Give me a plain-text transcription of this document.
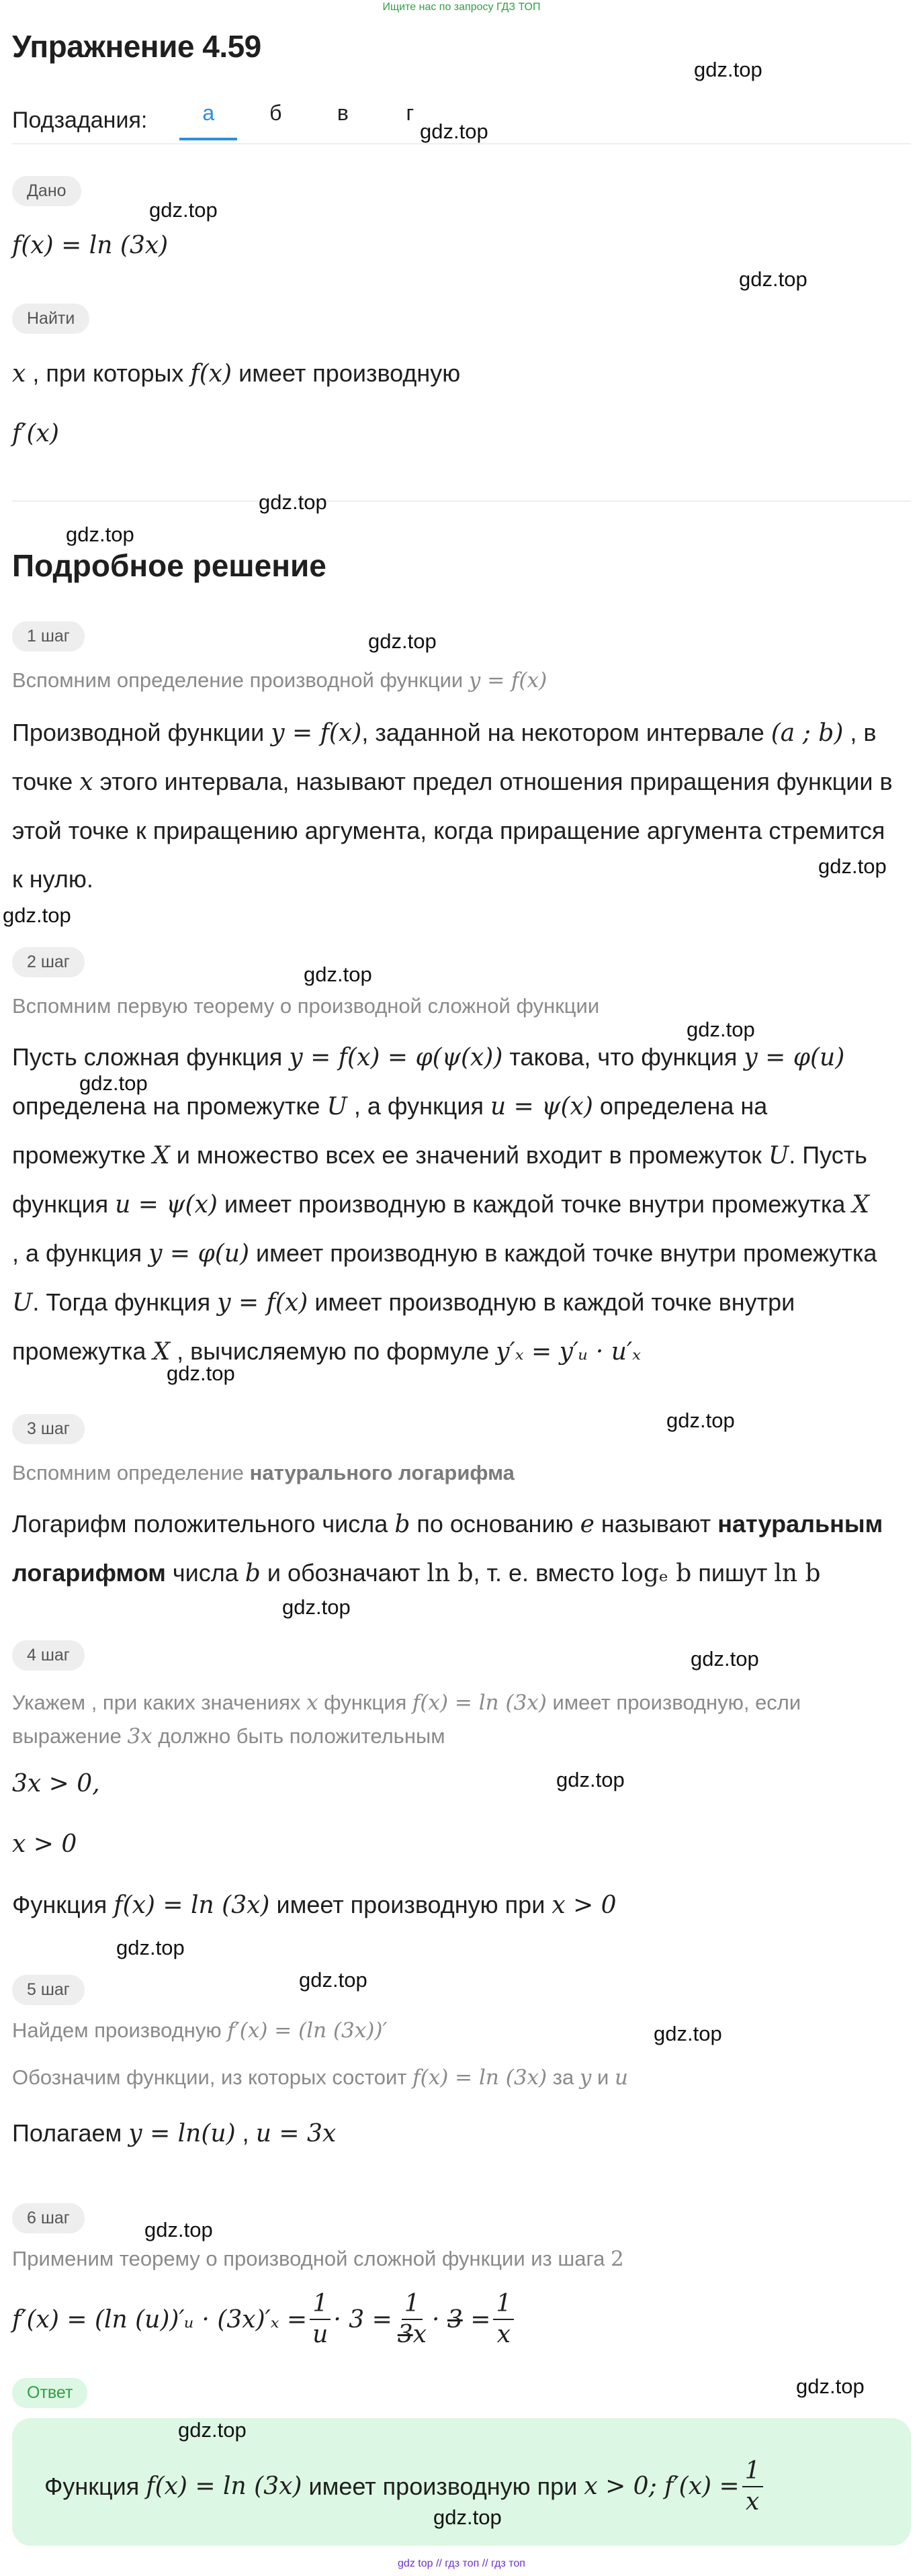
Ищите нас по запросу ГДЗ ТОП
Упражнение 4.59
Подзадания:	а	б	в	г
Дано
f(x) = ln (3x)
Найти
x , при которых f(x) имеет производную
f′(x)
Подробное решение
1 шаг
Вспомним определение производной функции y = f(x)
Производной функции y = f(x), заданной на некотором интервале (a ; b) , в
точке x этого интервала, называют предел отношения приращения функции в
этой точке к приращению аргумента, когда приращение аргумента стремится
к нулю.
2 шаг
Вспомним первую теорему о производной сложной функции
Пусть сложная функция y = f(x) = φ(ψ(x)) такова, что функция y = φ(u)
определена на промежутке U , а функция u = ψ(x) определена на
промежутке X и множество всех ее значений входит в промежуток U. Пусть
функция u = ψ(x) имеет производную в каждой точке внутри промежутка X
, а функция y = φ(u) имеет производную в каждой точке внутри промежутка
U. Тогда функция y = f(x) имеет производную в каждой точке внутри
промежутка X , вычисляемую по формуле y′ₓ = y′ᵤ · u′ₓ
3 шаг
Вспомним определение натурального логарифма
Логарифм положительного числа b по основанию e называют натуральным
логарифмом числа b и обозначают ln b, т. е. вместо logₑ b пишут ln b
4 шаг
Укажем , при каких значениях x функция f(x) = ln (3x) имеет производную, если
выражение 3x должно быть положительным
3x > 0,
x > 0
Функция f(x) = ln (3x) имеет производную при x > 0
5 шаг
Найдем производную f′(x) = (ln (3x))′
Обозначим функции, из которых состоит f(x) = ln (3x) за y и u
Полагаем y = ln(u) , u = 3x
6 шаг
Применим теорему о производной сложной функции из шага 2
f′(x) = (ln (u))′ᵤ · $(3x)'_x = \frac{1}{u} \cdot 3 = \frac{1}{3x}$ ·
3
= $\frac{1}{x}$
Ответ
Функция
f(x) = ln (3x)
имеет производную при
x > 0; $f'(x) = \frac{1}{x}$
gdz.top
gdz.top
gdz.top
gdz.top
gdz.top
gdz.top
gdz.top
gdz.top
gdz.top
gdz.top
gdz.top
gdz.top
gdz.top
gdz.top
gdz.top
gdz.top
gdz.top
gdz.top
gdz.top
gdz.top
gdz.top
gdz.top
gdz.top
gdz.top
gdz top // гдз топ // гдз топ
